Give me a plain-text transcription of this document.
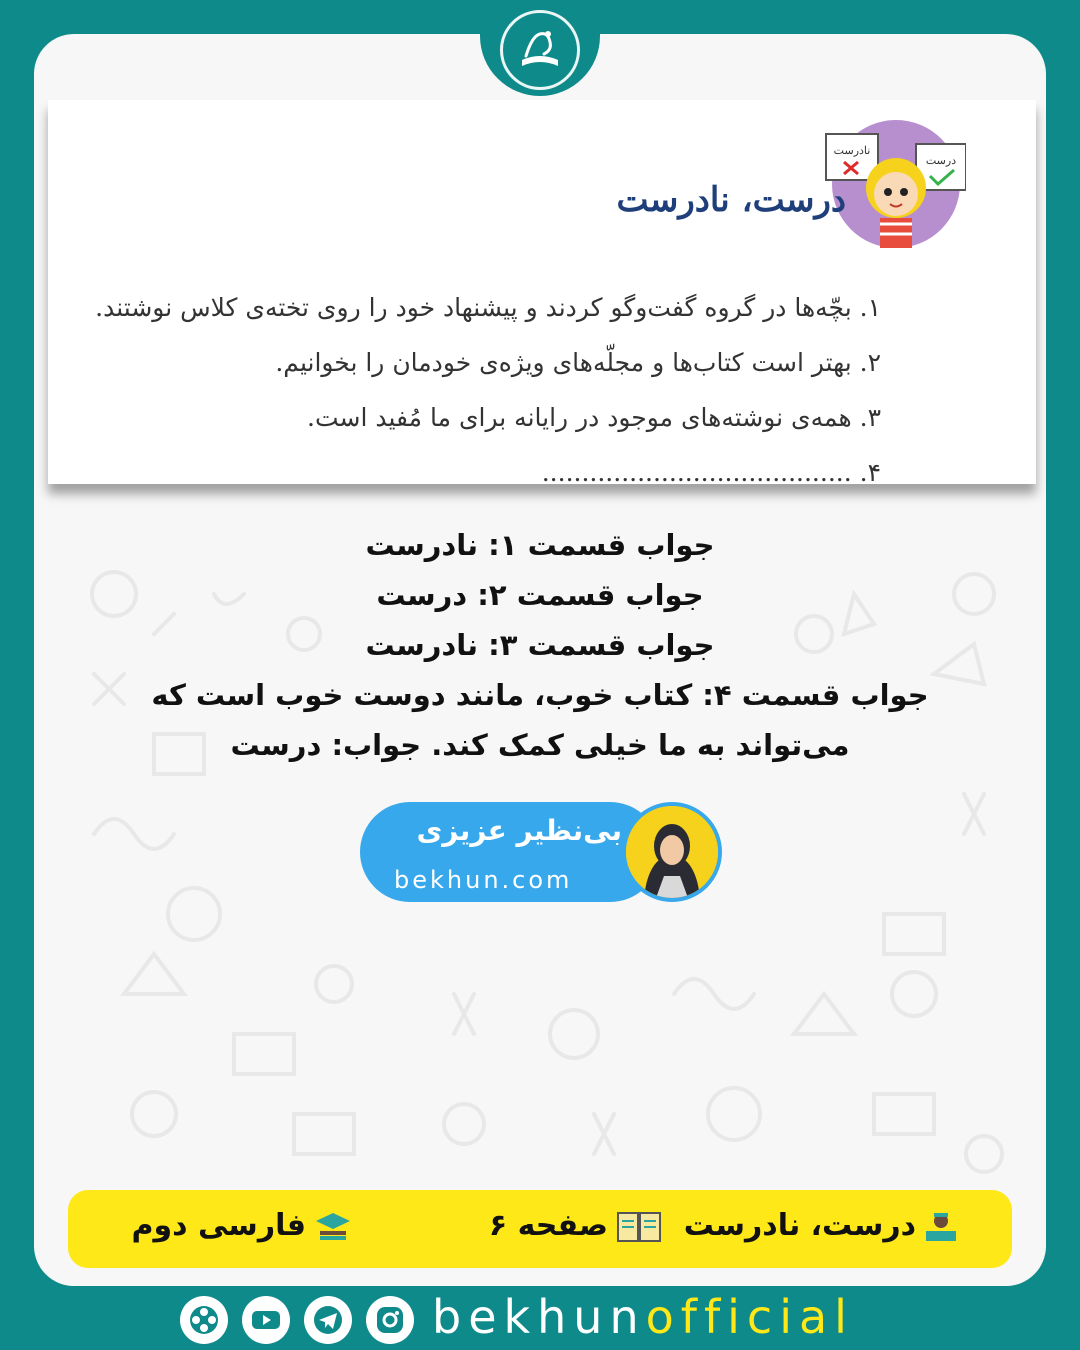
نادرست
درست
درست، نادرست
۱. بچّه‌ها در گروه گفت‌وگو کردند و پیشنهاد خود را روی تخته‌ی کلاس نوشتند.
۲. بهتر است کتاب‌ها و مجلّه‌های ویژه‌ی خودمان را بخوانیم.
۳. همه‌ی نوشته‌های موجود در رایانه برای ما مُفید است.
۴. .......................................
جواب قسمت ۱: نادرست
جواب قسمت ۲: درست
جواب قسمت ۳: نادرست
جواب قسمت ۴: کتاب خوب، مانند دوست خوب است که می‌تواند به ما خیلی کمک کند. جواب: درست
بی‌نظیر عزیزی
bekhun.com
درست، نادرست
صفحه ۶
فارسی دوم
bekhunofficial
